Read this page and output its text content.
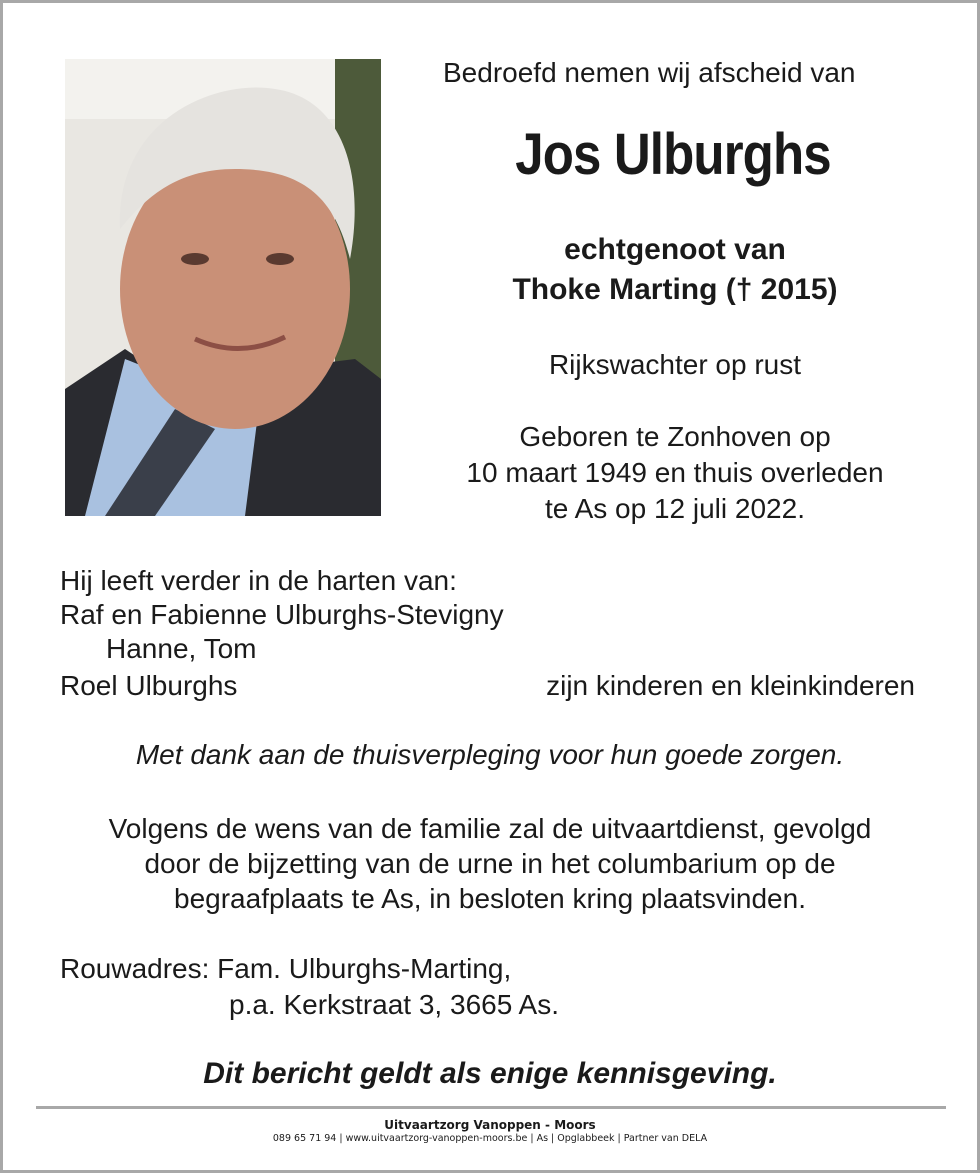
Bedroefd nemen wij afscheid van
Jos Ulburghs
echtgenoot van
Thoke Marting († 2015)
Rijkswachter op rust
Geboren te Zonhoven op
10 maart 1949 en thuis overleden
te As op 12 juli 2022.
Hij leeft verder in de harten van:
Raf en Fabienne Ulburghs-Stevigny
Hanne, Tom
Roel Ulburghs	zijn kinderen en kleinkinderen
Met dank aan de thuisverpleging voor hun goede zorgen.
Volgens de wens van de familie zal de uitvaartdienst, gevolgd
door de bijzetting van de urne in het columbarium op de
begraafplaats te As, in besloten kring plaatsvinden.
Rouwadres: Fam. Ulburghs-Marting,
p.a. Kerkstraat 3, 3665 As.
Dit bericht geldt als enige kennisgeving.
Uitvaartzorg Vanoppen - Moors
089 65 71 94 | www.uitvaartzorg-vanoppen-moors.be | As | Opglabbeek | Partner van DELA
